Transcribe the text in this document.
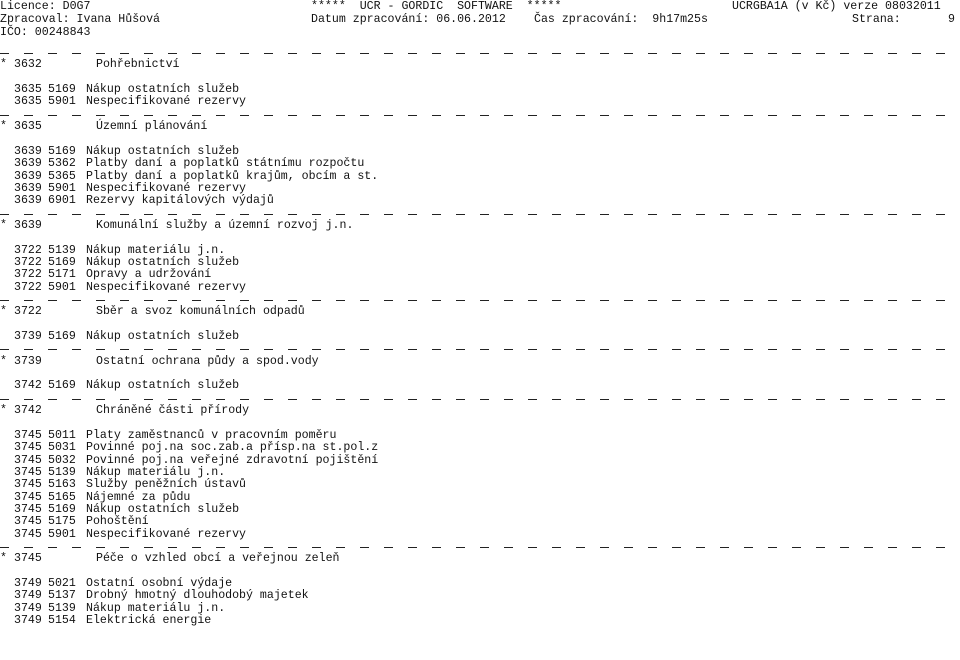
Licence: D0G7

	*****  UCR - GORDIC  SOFTWARE  *****

	UCRGBA1A (v Kč) verze 08032011

Zpracoval: Ivana Hůšová

	Datum zpracování: 06.06.2012

Čas zpracování:  9h17m25s

	Strana:

	9

IČO: 00248843

* 3632	Pohřebnictví
3635 5169 Nákup ostatních služeb
3635 5901 Nespecifikované rezervy
* 3635	Územní plánování
3639 5169 Nákup ostatních služeb
3639 5362 Platby daní a poplatků státnímu rozpočtu
3639 5365 Platby daní a poplatků krajům, obcím a st.
3639 5901 Nespecifikované rezervy
3639 6901 Rezervy kapitálových výdajů
* 3639	Komunální služby a územní rozvoj j.n.
3722 5139 Nákup materiálu j.n.
3722 5169 Nákup ostatních služeb
3722 5171 Opravy a udržování
3722 5901 Nespecifikované rezervy
* 3722	Sběr a svoz komunálních odpadů
3739 5169 Nákup ostatních služeb
* 3739	Ostatní ochrana půdy a spod.vody
3742 5169 Nákup ostatních služeb
* 3742	Chráněné části přírody
3745 5011 Platy zaměstnanců v pracovním poměru
3745 5031 Povinné poj.na soc.zab.a přísp.na st.pol.z
3745 5032 Povinné poj.na veřejné zdravotní pojištění
3745 5139 Nákup materiálu j.n.
3745 5163 Služby peněžních ústavů
3745 5165 Nájemné za půdu
3745 5169 Nákup ostatních služeb
3745 5175 Pohoštění
3745 5901 Nespecifikované rezervy
* 3745	Péče o vzhled obcí a veřejnou zeleň
3749 5021 Ostatní osobní výdaje
3749 5137 Drobný hmotný dlouhodobý majetek
3749 5139 Nákup materiálu j.n.
3749 5154 Elektrická energie
